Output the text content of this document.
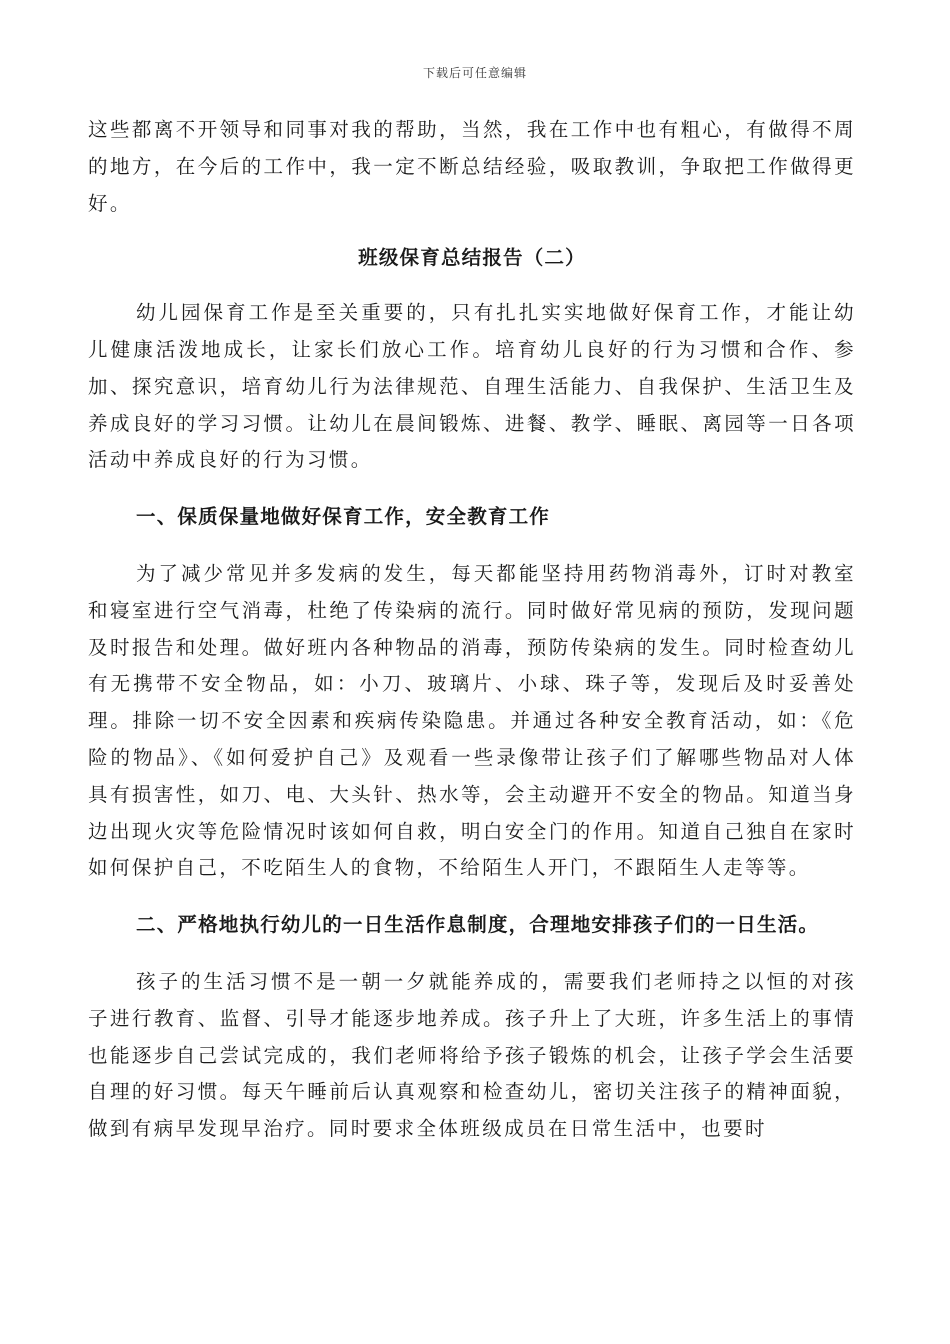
下载后可任意编辑

这些都离不开领导和同事对我的帮助，当然，我在工作中也有粗心，有做得不周的地方，在今后的工作中，我一定不断总结经验，吸取教训，争取把工作做得更好。

班级保育总结报告（二）

幼儿园保育工作是至关重要的，只有扎扎实实地做好保育工作，才能让幼儿健康活泼地成长，让家长们放心工作。培育幼儿良好的行为习惯和合作、参加、探究意识，培育幼儿行为法律规范、自理生活能力、自我保护、生活卫生及养成良好的学习习惯。让幼儿在晨间锻炼、进餐、教学、睡眠、离园等一日各项活动中养成良好的行为习惯。

一、保质保量地做好保育工作，安全教育工作

为了减少常见并多发病的发生，每天都能坚持用药物消毒外，订时对教室和寝室进行空气消毒，杜绝了传染病的流行。同时做好常见病的预防，发现问题及时报告和处理。做好班内各种物品的消毒，预防传染病的发生。同时检查幼儿有无携带不安全物品，如：小刀、玻璃片、小球、珠子等，发现后及时妥善处理。排除一切不安全因素和疾病传染隐患。并通过各种安全教育活动，如：《危险的物品》、《如何爱护自己》及观看一些录像带让孩子们了解哪些物品对人体具有损害性，如刀、电、大头针、热水等，会主动避开不安全的物品。知道当身边出现火灾等危险情况时该如何自救，明白安全门的作用。知道自己独自在家时如何保护自己，不吃陌生人的食物，不给陌生人开门，不跟陌生人走等等。

二、严格地执行幼儿的一日生活作息制度，合理地安排孩子们的一日生活。

孩子的生活习惯不是一朝一夕就能养成的，需要我们老师持之以恒的对孩子进行教育、监督、引导才能逐步地养成。孩子升上了大班，许多生活上的事情也能逐步自己尝试完成的，我们老师将给予孩子锻炼的机会，让孩子学会生活要自理的好习惯。每天午睡前后认真观察和检查幼儿，密切关注孩子的精神面貌，做到有病早发现早治疗。同时要求全体班级成员在日常生活中，也要时
